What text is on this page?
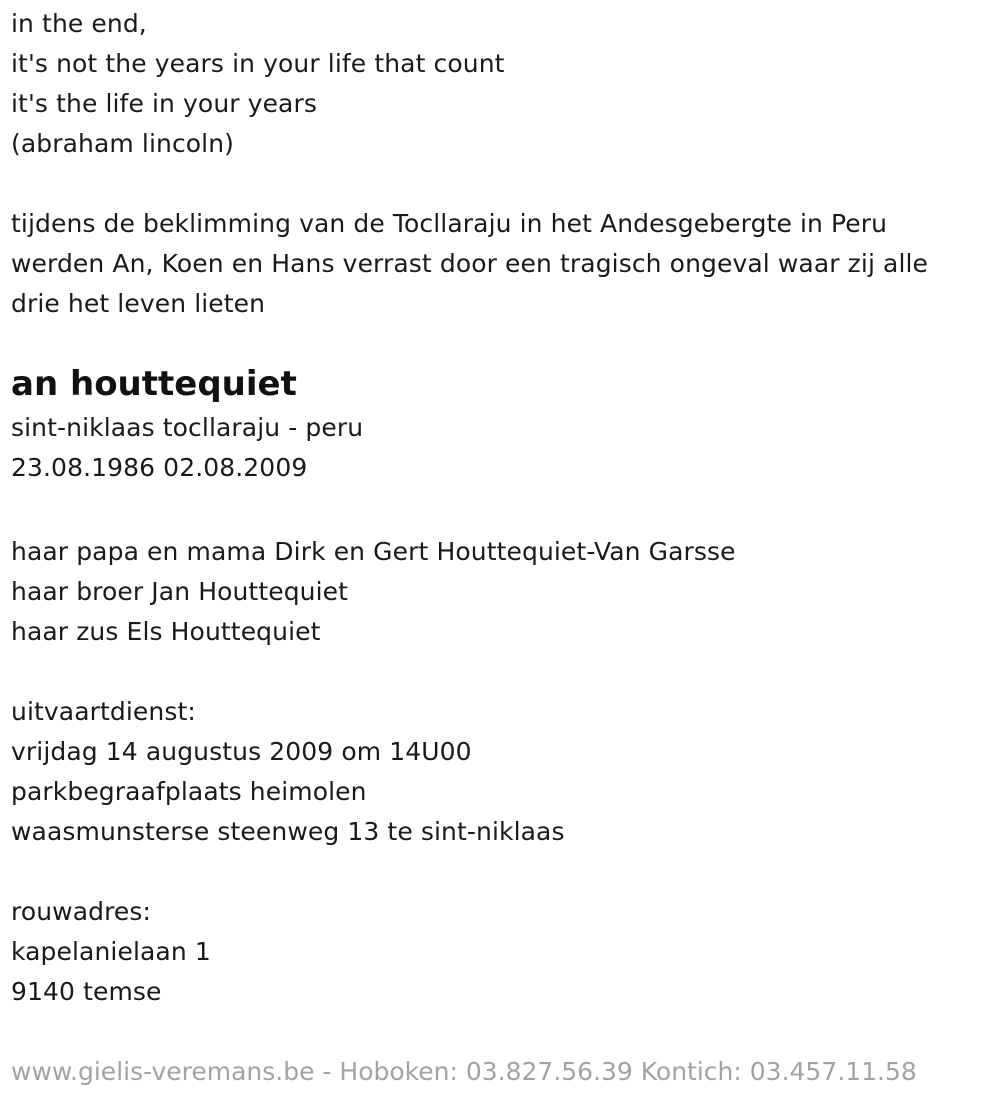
in the end,
it's not the years in your life that count
it's the life in your years
(abraham lincoln)
tijdens de beklimming van de Tocllaraju in het Andesgebergte in Peru
werden An, Koen en Hans verrast door een tragisch ongeval waar zij alle
drie het leven lieten
an houttequiet
sint-niklaas tocllaraju - peru
23.08.1986 02.08.2009
haar papa en mama Dirk en Gert Houttequiet-Van Garsse
haar broer Jan Houttequiet
haar zus Els Houttequiet
uitvaartdienst:
vrijdag 14 augustus 2009 om 14U00
parkbegraafplaats heimolen
waasmunsterse steenweg 13 te sint-niklaas
rouwadres:
kapelanielaan 1
9140 temse
www.gielis-veremans.be - Hoboken: 03.827.56.39 Kontich: 03.457.11.58
